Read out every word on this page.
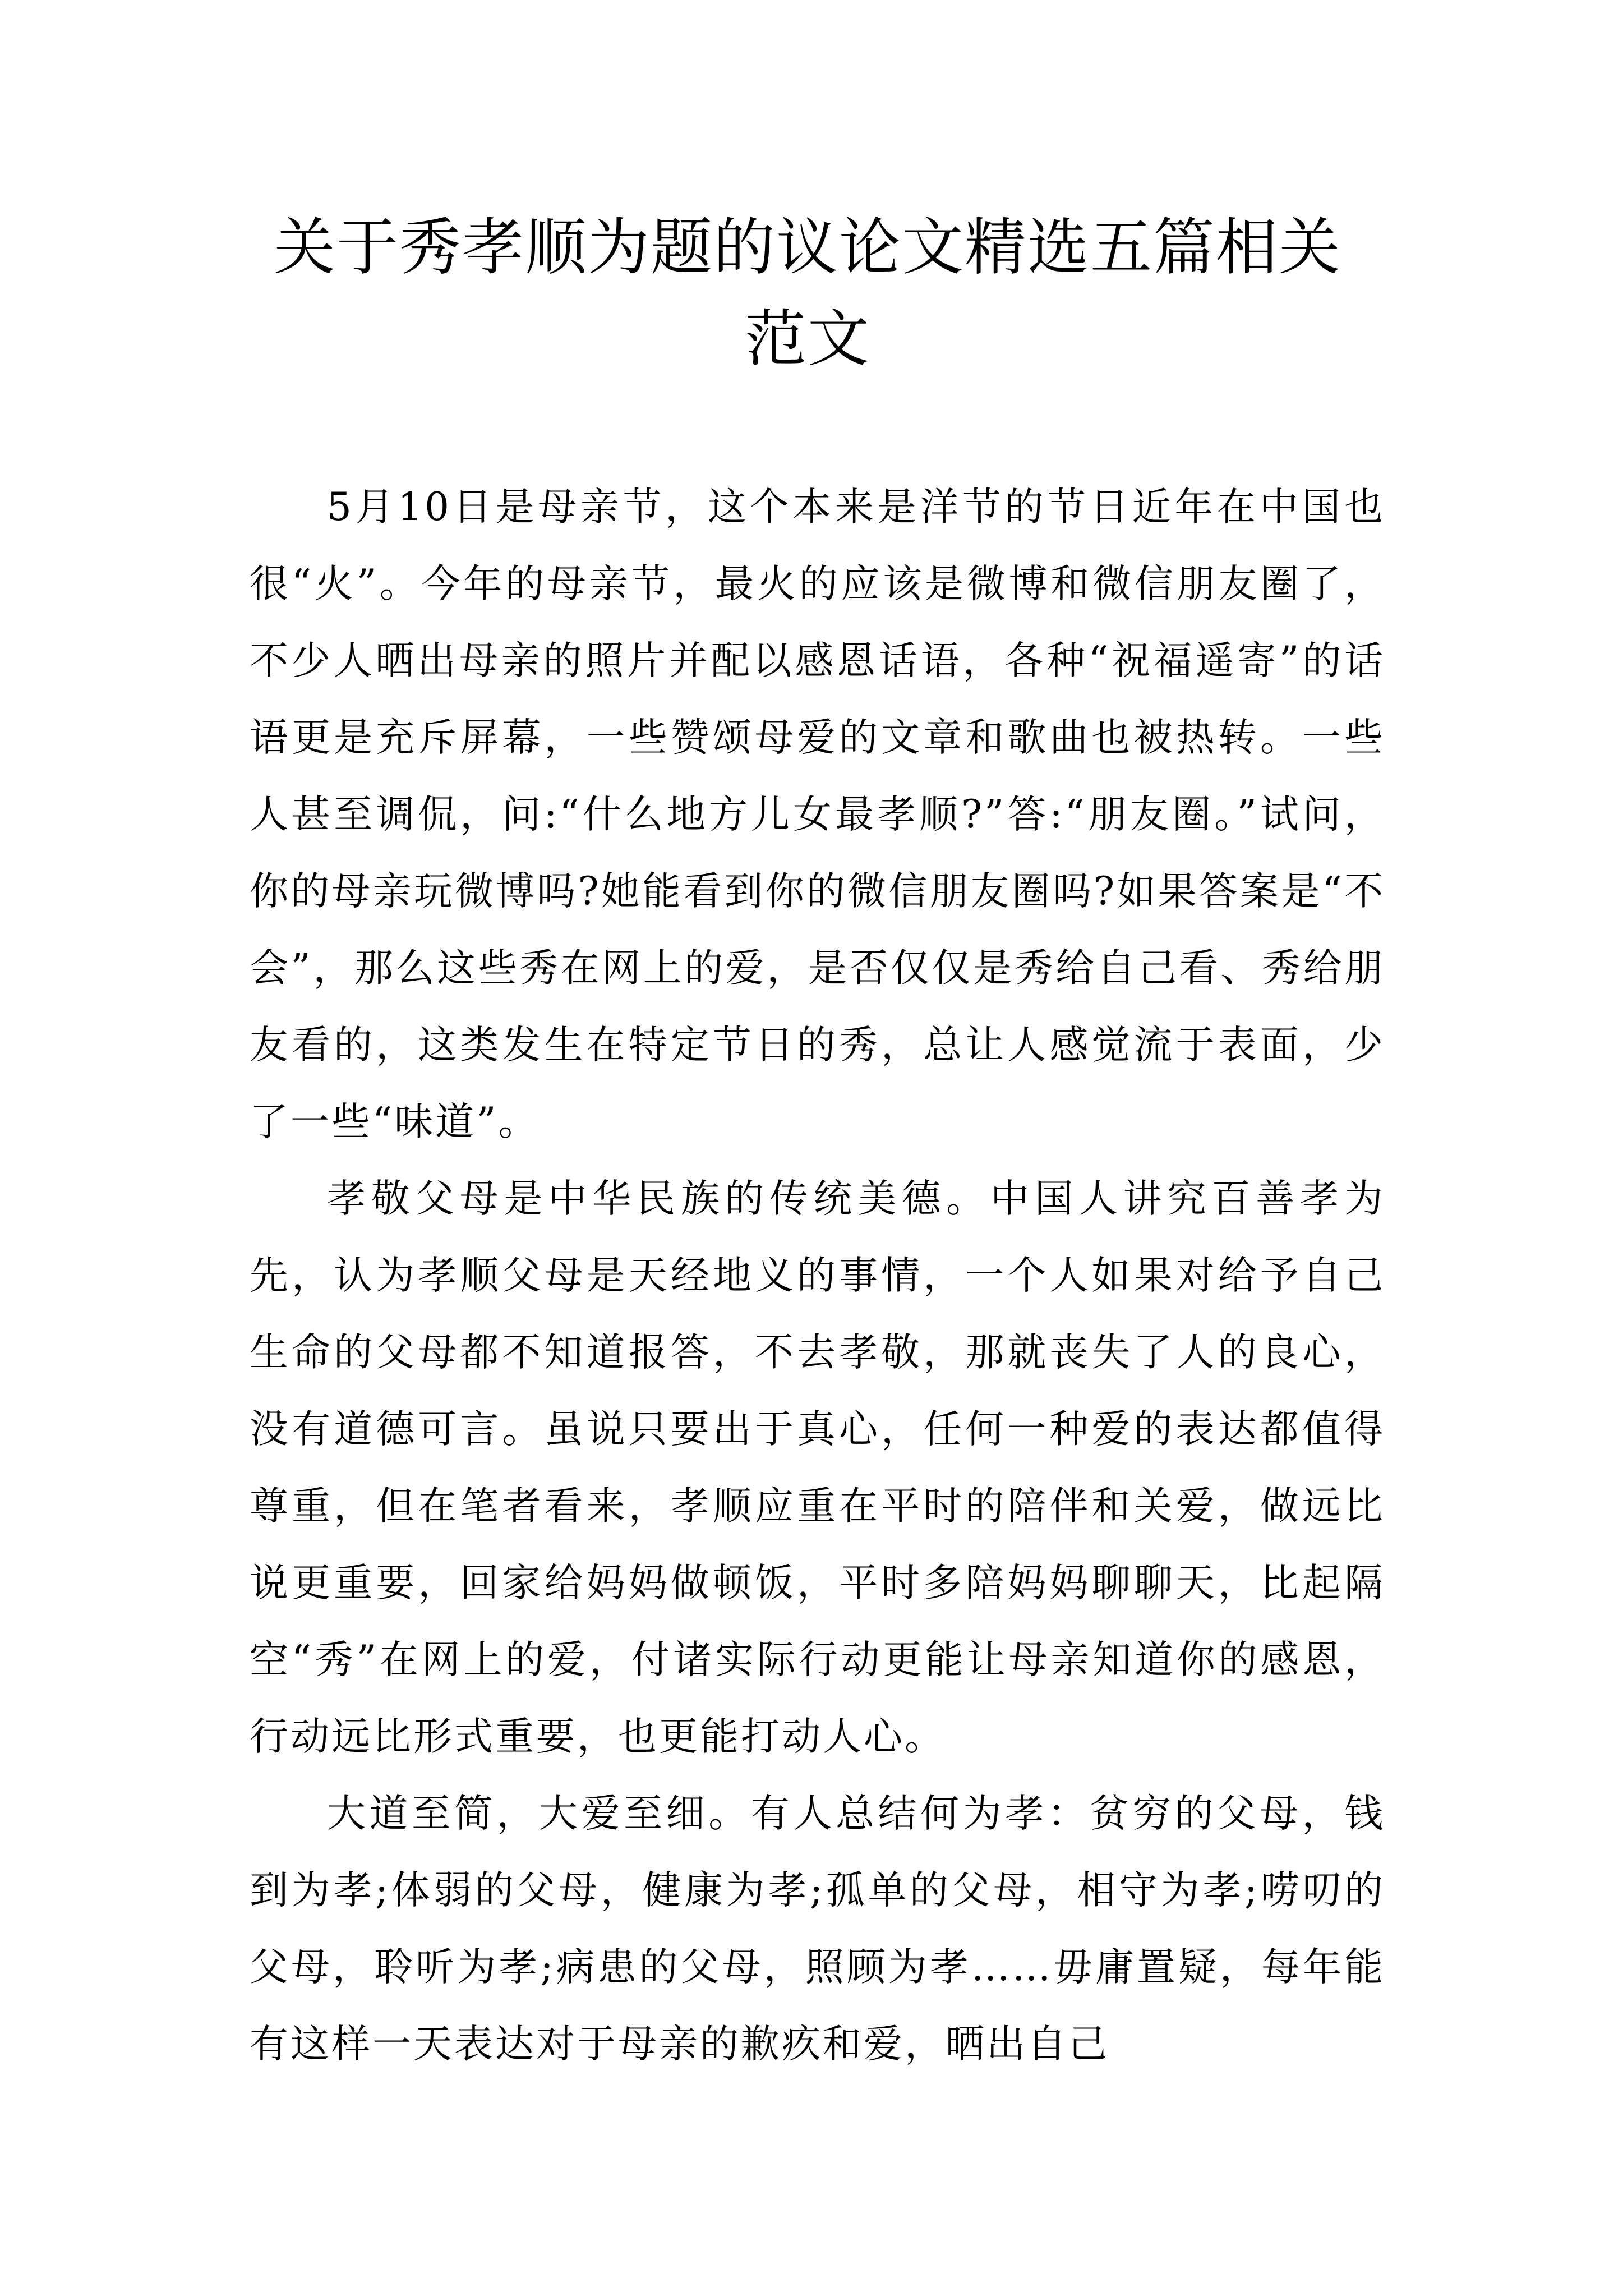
关于秀孝顺为题的议论文精选五篇相关范文

5月10日是母亲节，这个本来是洋节的节日近年在中国也很“火”。今年的母亲节，最火的应该是微博和微信朋友圈了，不少人晒出母亲的照片并配以感恩话语，各种“祝福遥寄”的话语更是充斥屏幕，一些赞颂母爱的文章和歌曲也被热转。一些人甚至调侃，问:“什么地方儿女最孝顺?”答:“朋友圈。”试问，你的母亲玩微博吗?她能看到你的微信朋友圈吗?如果答案是“不会”，那么这些秀在网上的爱，是否仅仅是秀给自己看、秀给朋友看的，这类发生在特定节日的秀，总让人感觉流于表面，少了一些“味道”。

孝敬父母是中华民族的传统美德。中国人讲究百善孝为先，认为孝顺父母是天经地义的事情，一个人如果对给予自己生命的父母都不知道报答，不去孝敬，那就丧失了人的良心，没有道德可言。虽说只要出于真心，任何一种爱的表达都值得尊重，但在笔者看来，孝顺应重在平时的陪伴和关爱，做远比说更重要，回家给妈妈做顿饭，平时多陪妈妈聊聊天，比起隔空“秀”在网上的爱，付诸实际行动更能让母亲知道你的感恩，行动远比形式重要，也更能打动人心。

大道至简，大爱至细。有人总结何为孝：贫穷的父母，钱到为孝;体弱的父母，健康为孝;孤单的父母，相守为孝;唠叨的父母，聆听为孝;病患的父母，照顾为孝……毋庸置疑，每年能有这样一天表达对于母亲的歉疚和爱，晒出自己
